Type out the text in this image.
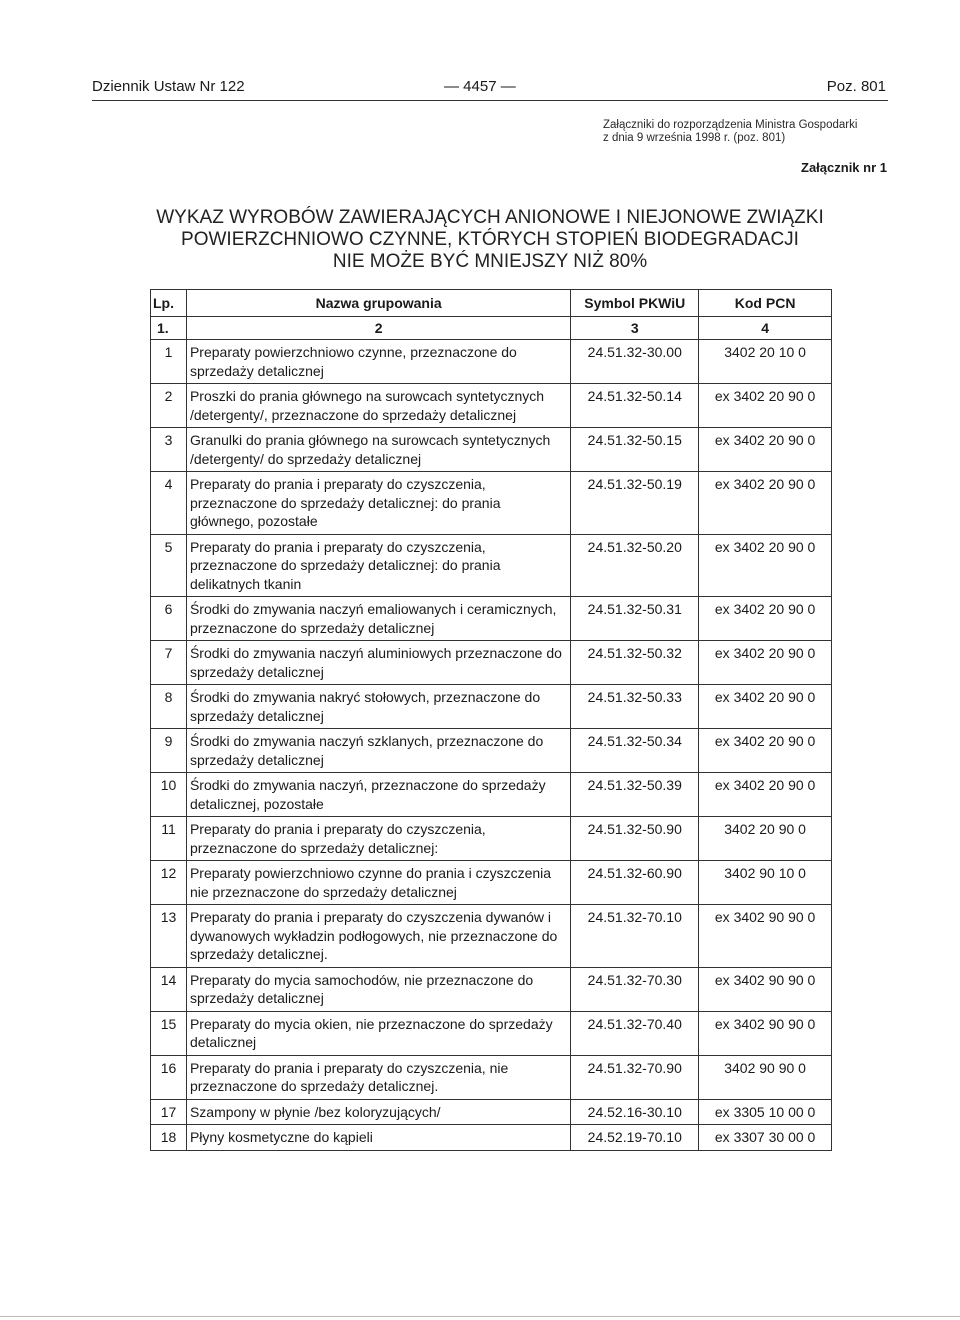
Dziennik Ustaw Nr 122	— 4457 —	Poz. 801
Załączniki do rozporządzenia Ministra Gospodarki
z dnia 9 września 1998 r. (poz. 801)
Załącznik nr 1
WYKAZ WYROBÓW ZAWIERAJĄCYCH ANIONOWE I NIEJONOWE ZWIĄZKI
POWIERZCHNIOWO CZYNNE, KTÓRYCH STOPIEŃ BIODEGRADACJI
NIE MOŻE BYĆ MNIEJSZY NIŻ 80%
Lp.	Nazwa grupowania	Symbol PKWiU	Kod PCN
1.	2	3	4
1	Preparaty powierzchniowo czynne, przeznaczone do sprzedaży detalicznej	24.51.32-30.00	3402 20 10 0
2	Proszki do prania głównego na surowcach syntetycznych /detergenty/, przeznaczone do sprzedaży detalicznej	24.51.32-50.14	ex 3402 20 90 0
3	Granulki do prania głównego na surowcach syntetycznych /detergenty/ do sprzedaży detalicznej	24.51.32-50.15	ex 3402 20 90 0
4	Preparaty do prania i preparaty do czyszczenia, przeznaczone do sprzedaży detalicznej: do prania głównego, pozostałe	24.51.32-50.19	ex 3402 20 90 0
5	Preparaty do prania i preparaty do czyszczenia, przeznaczone do sprzedaży detalicznej: do prania delikatnych tkanin	24.51.32-50.20	ex 3402 20 90 0
6	Środki do zmywania naczyń emaliowanych i ceramicznych, przeznaczone do sprzedaży detalicznej	24.51.32-50.31	ex 3402 20 90 0
7	Środki do zmywania naczyń aluminiowych przeznaczone do sprzedaży detalicznej	24.51.32-50.32	ex 3402 20 90 0
8	Środki do zmywania nakryć stołowych, przeznaczone do sprzedaży detalicznej	24.51.32-50.33	ex 3402 20 90 0
9	Środki do zmywania naczyń szklanych, przeznaczone do sprzedaży detalicznej	24.51.32-50.34	ex 3402 20 90 0
10	Środki do zmywania naczyń, przeznaczone do sprzedaży detalicznej, pozostałe	24.51.32-50.39	ex 3402 20 90 0
11	Preparaty do prania i preparaty do czyszczenia, przeznaczone do sprzedaży detalicznej:	24.51.32-50.90	3402 20 90 0
12	Preparaty powierzchniowo czynne do prania i czyszczenia nie przeznaczone do sprzedaży detalicznej	24.51.32-60.90	3402 90 10 0
13	Preparaty do prania i preparaty do czyszczenia dywanów i dywanowych wykładzin podłogowych, nie przeznaczone do sprzedaży detalicznej.	24.51.32-70.10	ex 3402 90 90 0
14	Preparaty do mycia samochodów, nie przeznaczone do sprzedaży detalicznej	24.51.32-70.30	ex 3402 90 90 0
15	Preparaty do mycia okien, nie przeznaczone do sprzedaży detalicznej	24.51.32-70.40	ex 3402 90 90 0
16	Preparaty do prania i preparaty do czyszczenia, nie przeznaczone do sprzedaży detalicznej.	24.51.32-70.90	3402 90 90 0
17	Szampony w płynie /bez koloryzujących/	24.52.16-30.10	ex 3305 10 00 0
18	Płyny kosmetyczne do kąpieli	24.52.19-70.10	ex 3307 30 00 0
